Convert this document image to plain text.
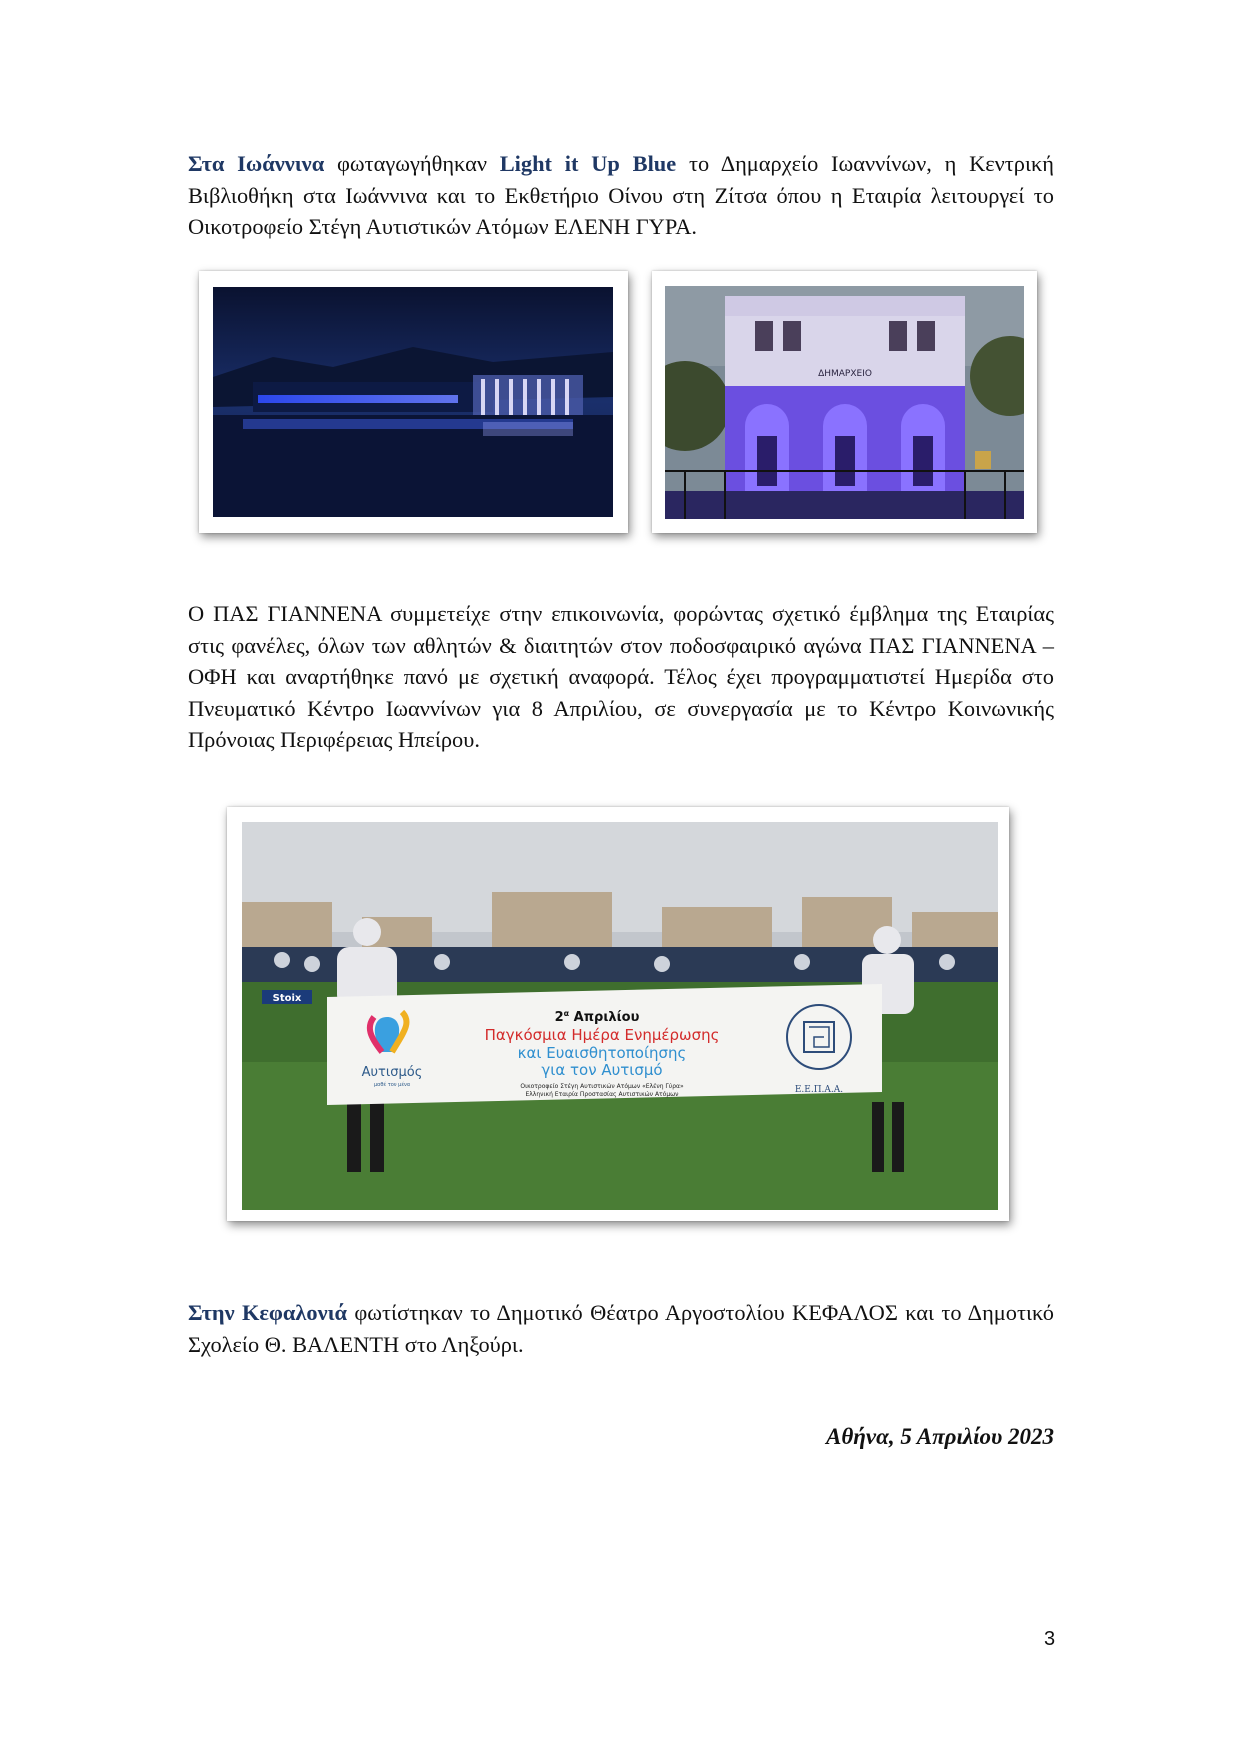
Στα Ιωάννινα φωταγωγήθηκαν Light it Up Blue το Δημαρχείο Ιωαννίνων, η Κεντρική Βιβλιοθήκη στα Ιωάννινα και το Εκθετήριο Οίνου στη Ζίτσα όπου η Εταιρία λειτουργεί το Οικοτροφείο Στέγη Αυτιστικών Ατόμων ΕΛΕΝΗ ΓΥΡΑ.

ΔΗΜΑΡΧΕΙΟ

Ο ΠΑΣ ΓΙΑΝΝΕΝΑ συμμετείχε στην επικοινωνία, φορώντας σχετικό έμβλημα της Εταιρίας στις φανέλες, όλων των αθλητών & διαιτητών στον ποδοσφαιρικό αγώνα ΠΑΣ ΓΙΑΝΝΕΝΑ – ΟΦΗ και αναρτήθηκε πανό με σχετική αναφορά. Τέλος έχει προγραμματιστεί Ημερίδα στο Πνευματικό Κέντρο Ιωαννίνων για 8 Απριλίου, σε συνεργασία με το Κέντρο Κοινωνικής Πρόνοιας Περιφέρειας Ηπείρου.

Stoix
Αυτισμός
μαθέ τον μένα
$2^\alpha$ Απριλίου
Παγκόσμια Ημέρα Ενημέρωσης
και Ευαισθητοποίησης
για τον Αυτισμό
Οικοτροφείο Στέγη Αυτιστικών Ατόμων «Ελένη Γύρα»
Ελληνική Εταιρία Προστασίας Αυτιστικών Ατόμων	Ε.Ε.Π.Α.Α.

Στην Κεφαλονιά φωτίστηκαν το Δημοτικό Θέατρο Αργοστολίου ΚΕΦΑΛΟΣ και το Δημοτικό Σχολείο Θ. ΒΑΛΕΝΤΗ στο Ληξούρι.

Αθήνα, 5 Απριλίου 2023

3
